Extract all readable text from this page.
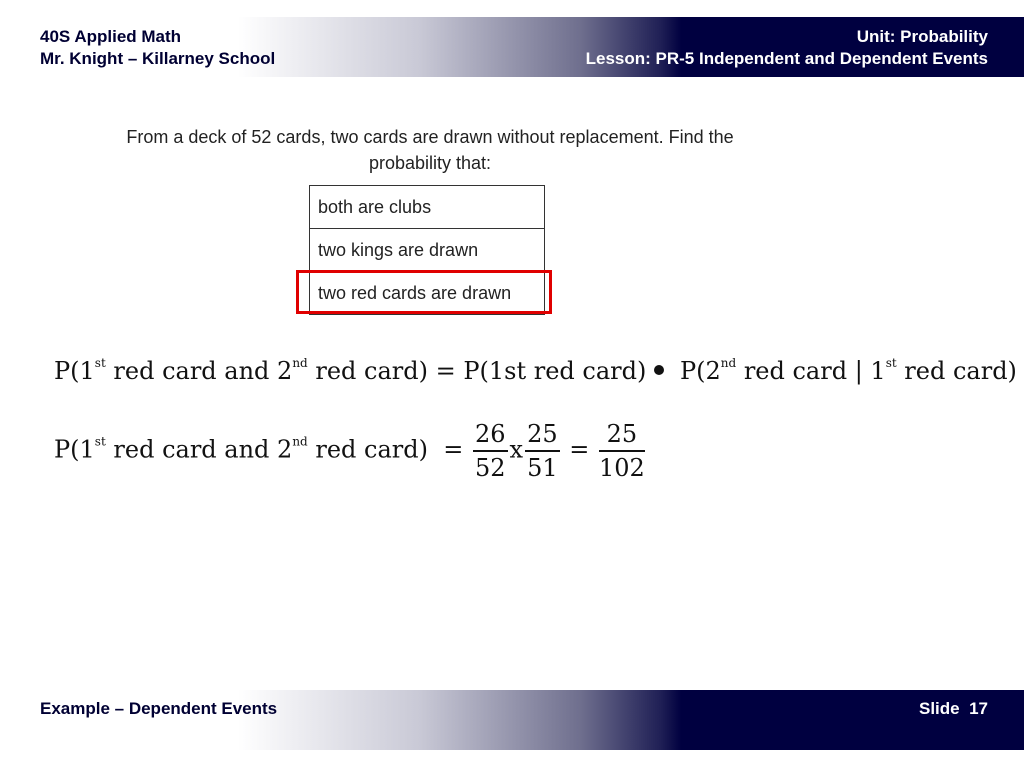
40S Applied Math
Mr. Knight – Killarney School
Unit: Probability
Lesson: PR-5 Independent and Dependent Events
From a deck of 52 cards, two cards are drawn without replacement. Find the
probability that:
both are clubs
two kings are drawn
two red cards are drawn
P(1st red card and 2nd red card) = P(1st red card) P(2nd red card | 1st red card)
P(1st red card and 2nd red card)  = $\frac{26}{52}$ x $\frac{25}{51} = \frac{25}{102}$
Example – Dependent Events	Slide 17
